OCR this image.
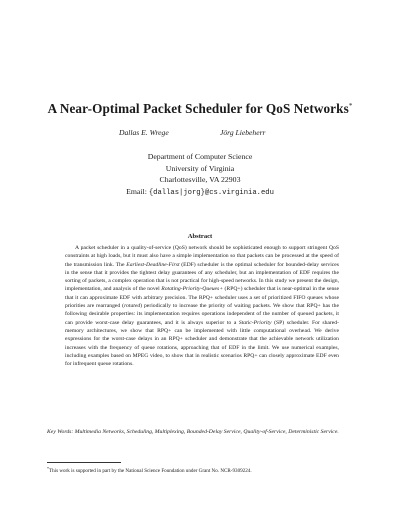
A Near-Optimal Packet Scheduler for QoS Networks*
Dallas E. Wrege	Jörg Liebeherr
Department of Computer Science
University of Virginia
Charlottesville, VA 22903
Email: {dallas|jorg}@cs.virginia.edu
Abstract
A packet scheduler in a quality-of-service (QoS) network should be sophisticated enough to support stringent QoS constraints at high loads, but it must also have a simple implementation so that packets can be processed at the speed of the transmission link. The Earliest-Deadline-First (EDF) scheduler is the optimal scheduler for bounded-delay services in the sense that it provides the tightest delay guarantees of any scheduler, but an implementation of EDF requires the sorting of packets, a complex operation that is not practical for high-speed networks. In this study we present the design, implementation, and analysis of the novel Rotating-Priority-Queues+ (RPQ+) scheduler that is near-optimal in the sense that it can approximate EDF with arbitrary precision. The RPQ+ scheduler uses a set of prioritized FIFO queues whose priorities are rearranged (rotated) periodically to increase the priority of waiting packets. We show that RPQ+ has the following desirable properties: its implementation requires operations independent of the number of queued packets, it can provide worst-case delay guarantees, and it is always superior to a Static-Priority (SP) scheduler. For shared-memory architectures, we show that RPQ+ can be implemented with little computational overhead. We derive expressions for the worst-case delays in an RPQ+ scheduler and demonstrate that the achievable network utilization increases with the frequency of queue rotations, approaching that of EDF in the limit. We use numerical examples, including examples based on MPEG video, to show that in realistic scenarios RPQ+ can closely approximate EDF even for infrequent queue rotations.
Key Words: Multimedia Networks, Scheduling, Multiplexing, Bounded-Delay Service, Quality-of-Service, Deterministic Service.
*This work is supported in part by the National Science Foundation under Grant No. NCR-9309224.
